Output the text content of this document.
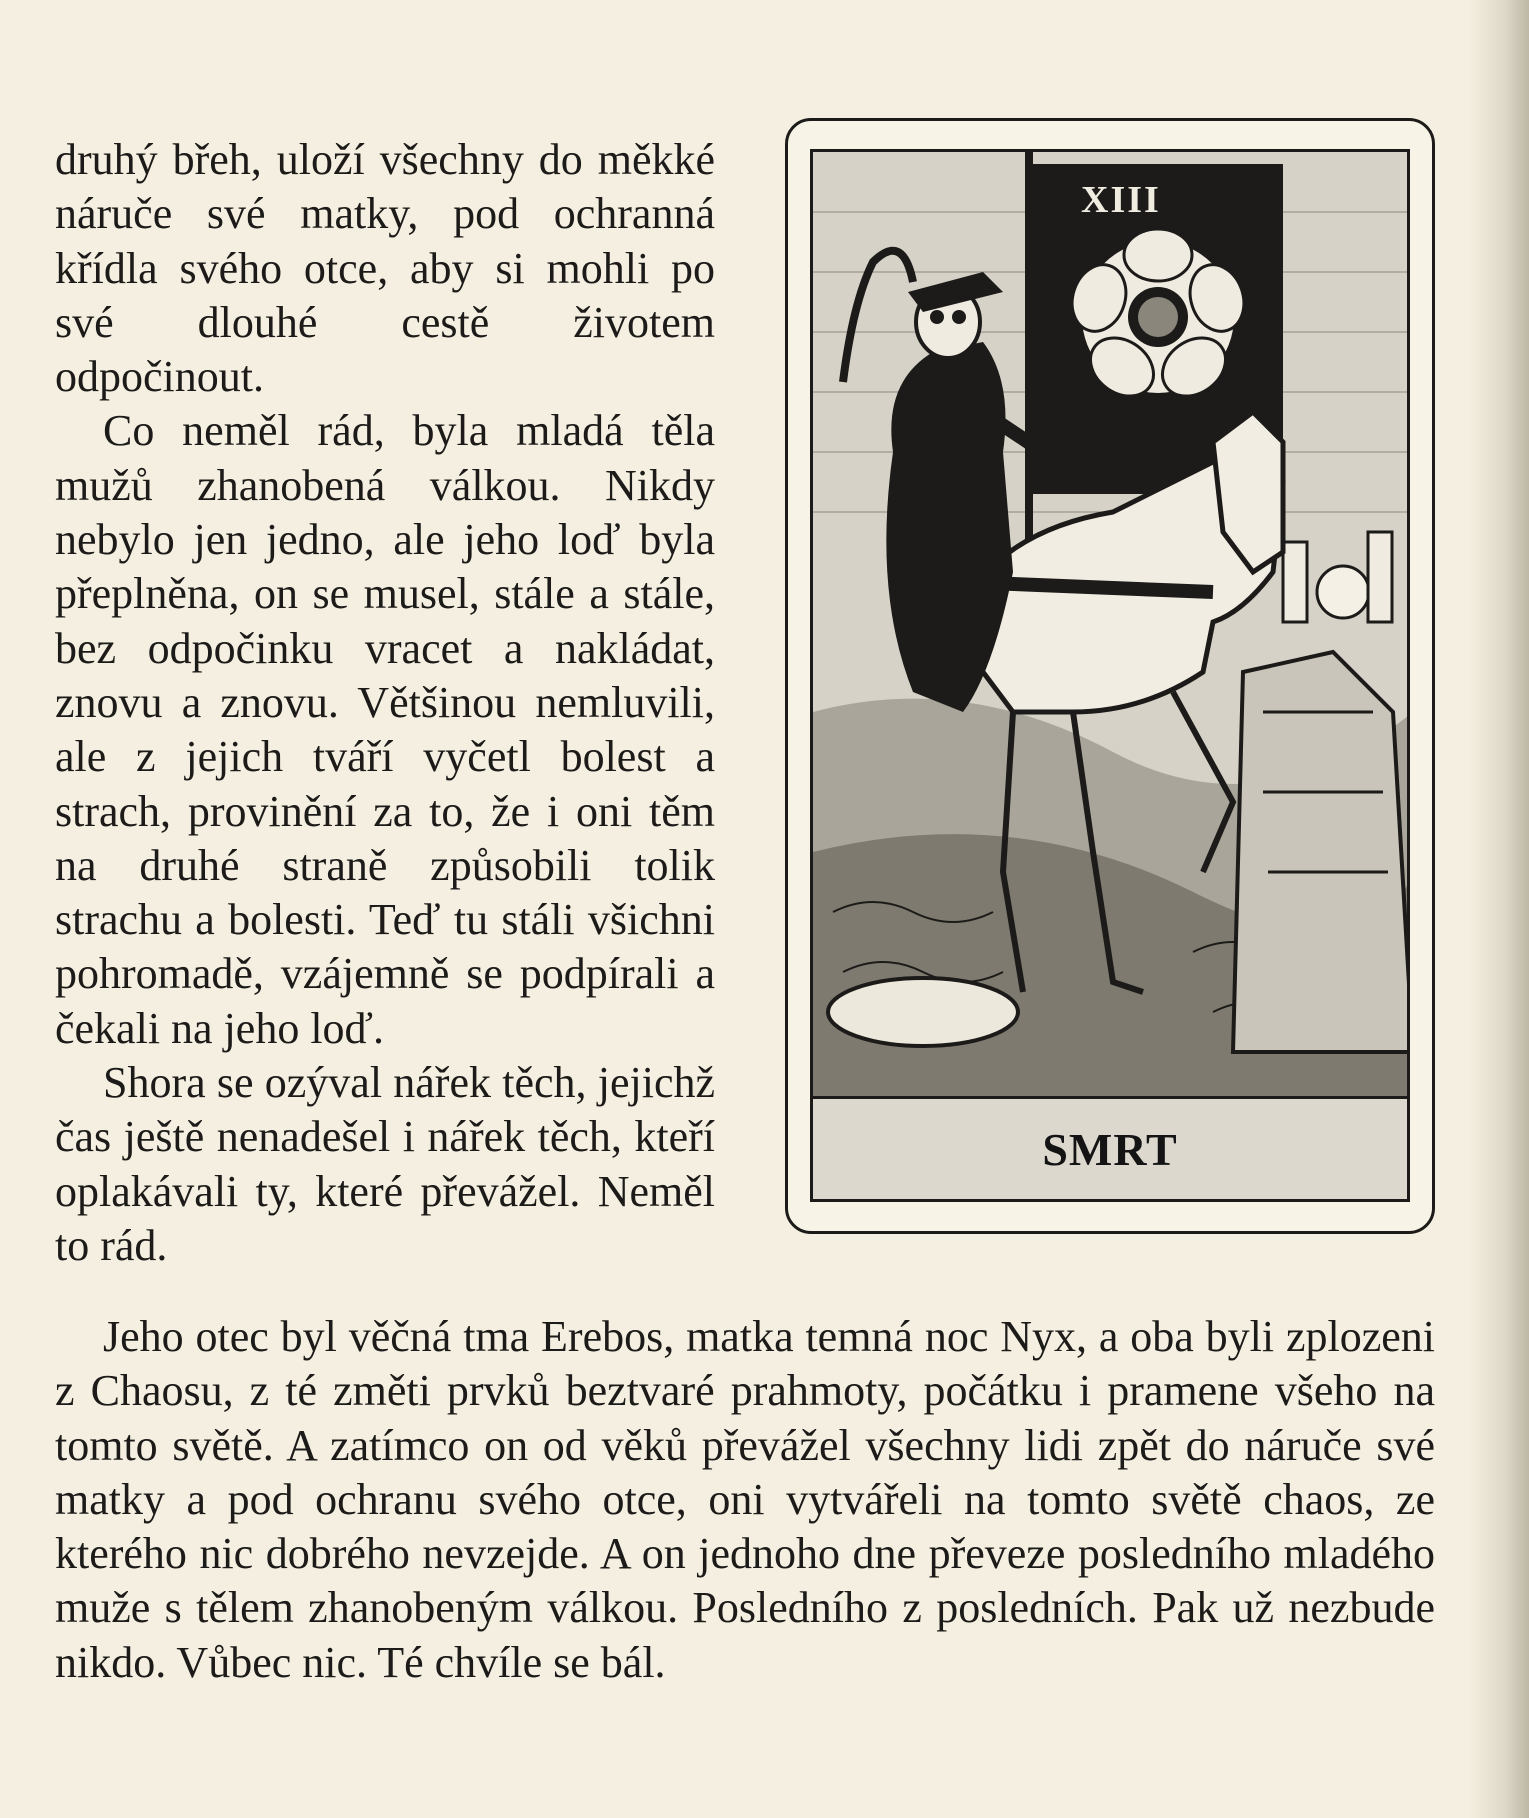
druhý břeh, uloží všechny do měkké náruče své matky, pod ochranná křídla svého otce, aby si mohli po své dlouhé cestě životem odpočinout.

Co neměl rád, byla mladá těla mužů zhanobená válkou. Nikdy nebylo jen jedno, ale jeho loď byla přeplněna, on se musel, stále a stále, bez odpočinku vracet a nakládat, znovu a znovu. Většinou nemluvili, ale z jejich tváří vyčetl bolest a strach, provinění za to, že i oni těm na druhé straně způsobili tolik strachu a bolesti. Teď tu stáli všichni pohromadě, vzájemně se podpírali a čekali na jeho loď.

Shora se ozýval nářek těch, jejichž čas ještě nenadešel i nářek těch, kteří oplakávali ty, které převážel. Neměl to rád.

XIII
SMRT

Jeho otec byl věčná tma Erebos, matka temná noc Nyx, a oba byli zplozeni z Chaosu, z té změti prvků beztvaré prahmoty, počátku i pramene všeho na tomto světě. A zatímco on od věků převážel všechny lidi zpět do náruče své matky a pod ochranu svého otce, oni vytvářeli na tomto světě chaos, ze kterého nic dobrého nevzejde. A on jednoho dne převeze posledního mladého muže s tělem zhanobeným válkou. Posledního z posledních. Pak už nezbude nikdo. Vůbec nic. Té chvíle se bál.
